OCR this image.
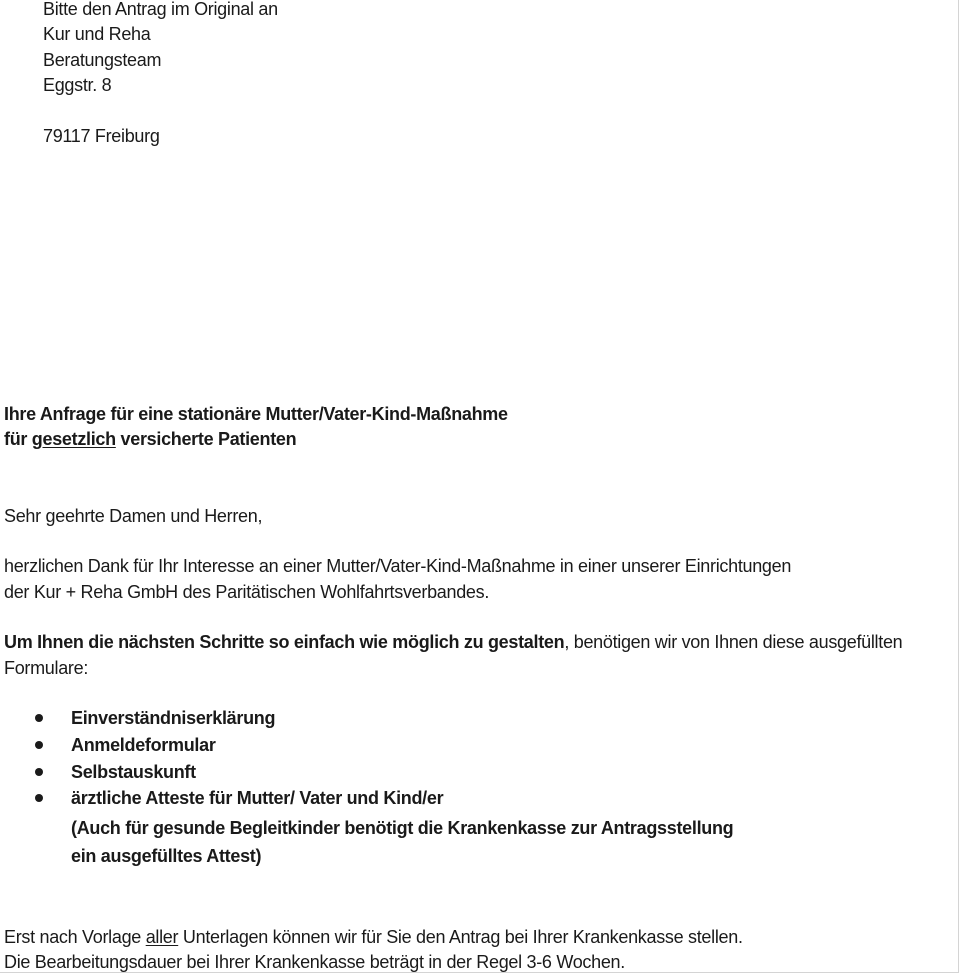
Bitte den Antrag im Original an
Kur und Reha
Beratungsteam
Eggstr. 8
79117 Freiburg
Ihre Anfrage für eine stationäre Mutter/Vater-Kind-Maßnahme
für gesetzlich versicherte Patienten
Sehr geehrte Damen und Herren,
herzlichen Dank für Ihr Interesse an einer Mutter/Vater-Kind-Maßnahme in einer unserer Einrichtungen
der Kur + Reha GmbH des Paritätischen Wohlfahrtsverbandes.
Um Ihnen die nächsten Schritte so einfach wie möglich zu gestalten, benötigen wir von Ihnen diese ausgefüllten
Formulare:
Einverständniserklärung
Anmeldeformular
Selbstauskunft
ärztliche Atteste für Mutter/ Vater und Kind/er
(Auch für gesunde Begleitkinder benötigt die Krankenkasse zur Antragsstellung
ein ausgefülltes Attest)
Erst nach Vorlage aller Unterlagen können wir für Sie den Antrag bei Ihrer Krankenkasse stellen.
Die Bearbeitungsdauer bei Ihrer Krankenkasse beträgt in der Regel 3-6 Wochen.
